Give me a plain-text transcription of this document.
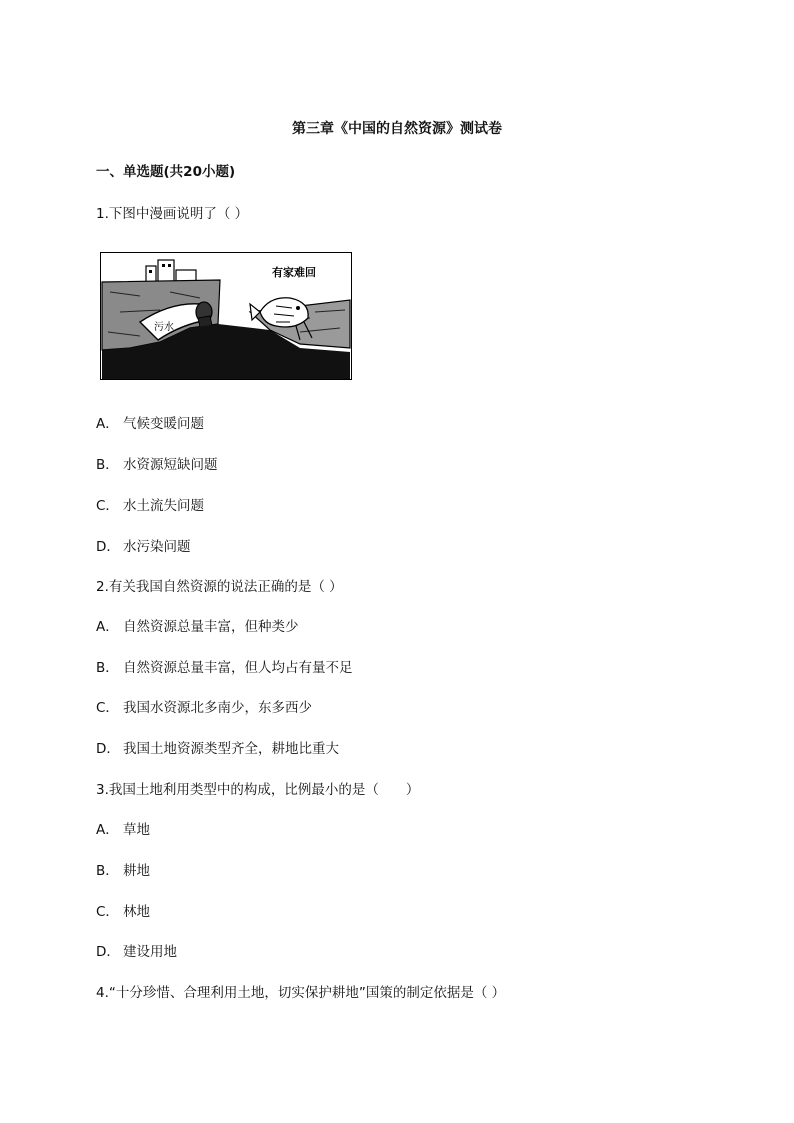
第三章《中国的自然资源》测试卷
一、单选题(共20小题)
1.下图中漫画说明了（ ）
污水
有家难回
A． 气候变暖问题
B． 水资源短缺问题
C． 水土流失问题
D． 水污染问题
2.有关我国自然资源的说法正确的是（ ）
A． 自然资源总量丰富，但种类少
B． 自然资源总量丰富，但人均占有量不足
C． 我国水资源北多南少，东多西少
D． 我国土地资源类型齐全，耕地比重大
3.我国土地利用类型中的构成，比例最小的是（　　）
A． 草地
B． 耕地
C． 林地
D． 建设用地
4.“十分珍惜、合理利用土地，切实保护耕地”国策的制定依据是（ ）
